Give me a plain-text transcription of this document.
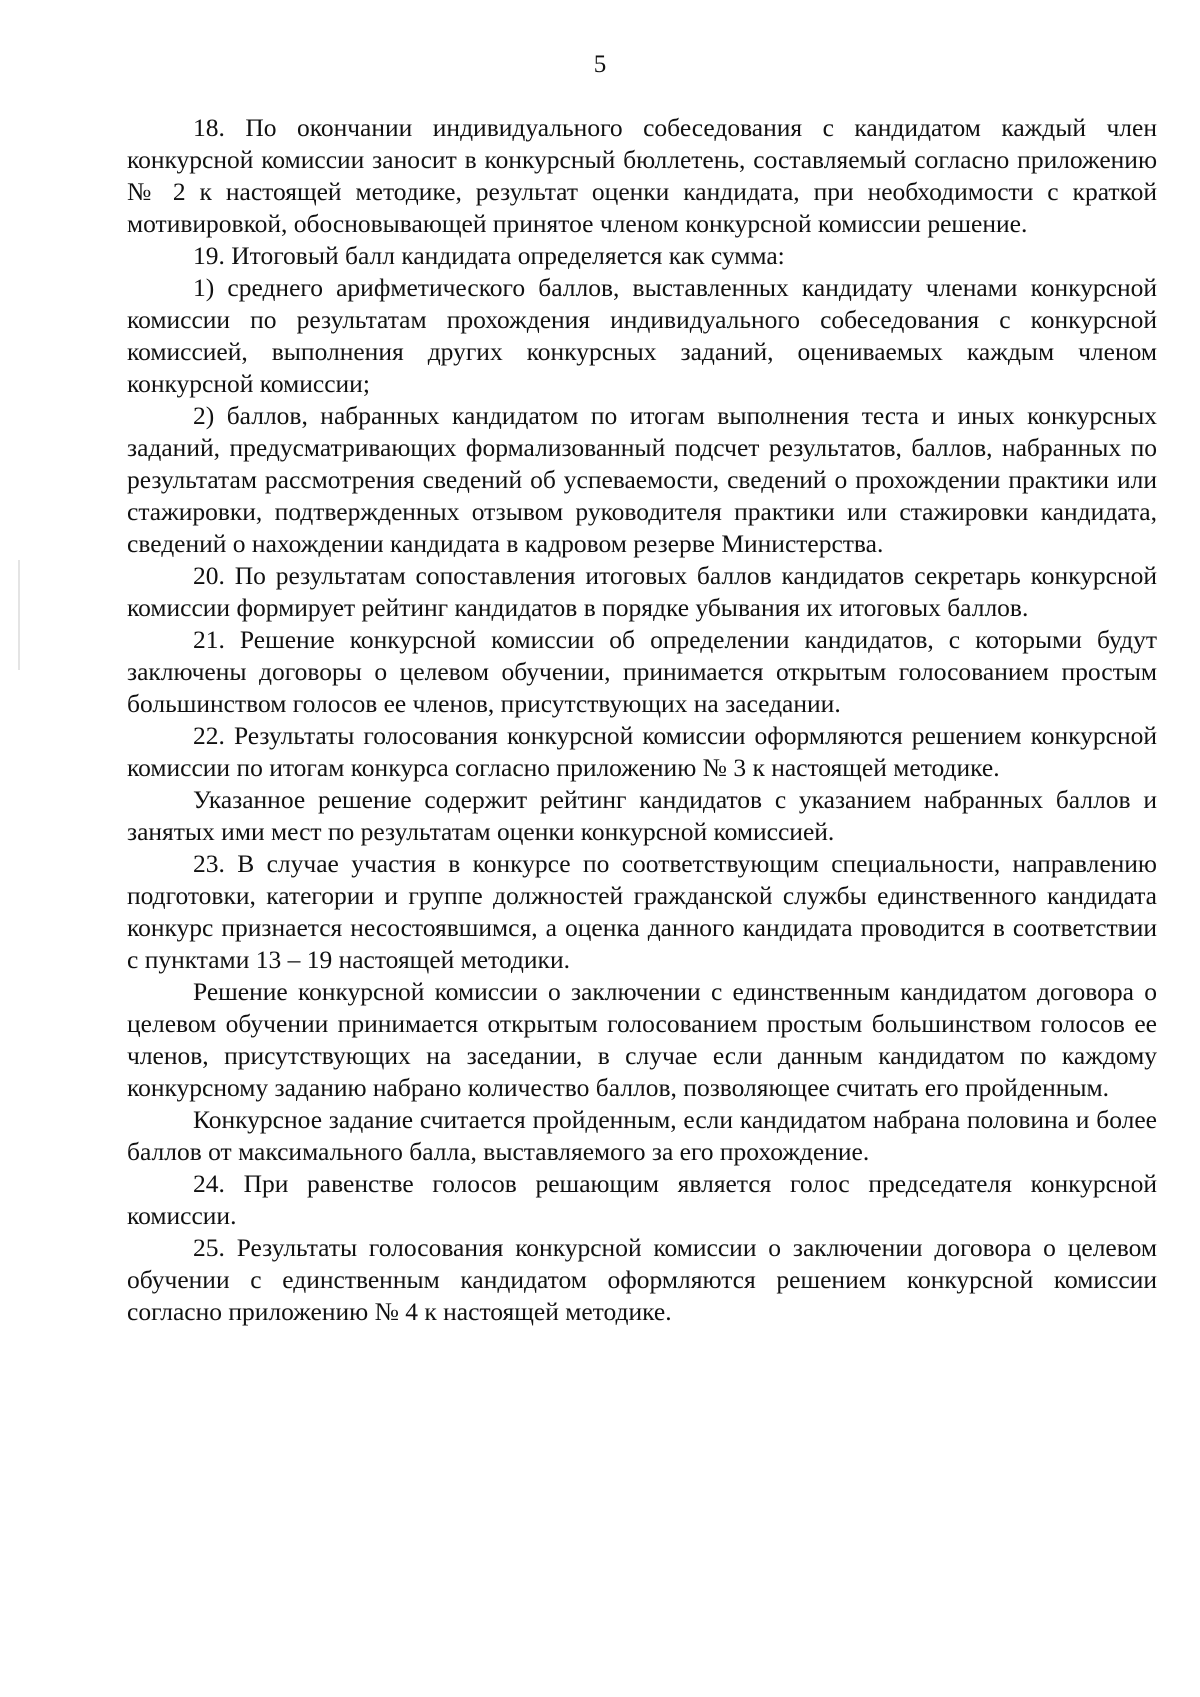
5

18. По окончании индивидуального собеседования с кандидатом каждый член конкурсной комиссии заносит в конкурсный бюллетень, составляемый согласно приложению № 2 к настоящей методике, результат оценки кандидата, при необходимости с краткой мотивировкой, обосновывающей принятое членом конкурсной комиссии решение.

19. Итоговый балл кандидата определяется как сумма:

1) среднего арифметического баллов, выставленных кандидату членами конкурсной комиссии по результатам прохождения индивидуального собеседования с конкурсной комиссией, выполнения других конкурсных заданий, оцениваемых каждым членом конкурсной комиссии;

2) баллов, набранных кандидатом по итогам выполнения теста и иных конкурсных заданий, предусматривающих формализованный подсчет результатов, баллов, набранных по результатам рассмотрения сведений об успеваемости, сведений о прохождении практики или стажировки, подтвержденных отзывом руководителя практики или стажировки кандидата, сведений о нахождении кандидата в кадровом резерве Министерства.

20. По результатам сопоставления итоговых баллов кандидатов секретарь конкурсной комиссии формирует рейтинг кандидатов в порядке убывания их итоговых баллов.

21. Решение конкурсной комиссии об определении кандидатов, с которыми будут заключены договоры о целевом обучении, принимается открытым голосованием простым большинством голосов ее членов, присутствующих на заседании.

22. Результаты голосования конкурсной комиссии оформляются решением конкурсной комиссии по итогам конкурса согласно приложению № 3 к настоящей методике.

Указанное решение содержит рейтинг кандидатов с указанием набранных баллов и занятых ими мест по результатам оценки конкурсной комиссией.

23. В случае участия в конкурсе по соответствующим специальности, направлению подготовки, категории и группе должностей гражданской службы единственного кандидата конкурс признается несостоявшимся, а оценка данного кандидата проводится в соответствии с пунктами 13 – 19 настоящей методики.

Решение конкурсной комиссии о заключении с единственным кандидатом договора о целевом обучении принимается открытым голосованием простым большинством голосов ее членов, присутствующих на заседании, в случае если данным кандидатом по каждому конкурсному заданию набрано количество баллов, позволяющее считать его пройденным.

Конкурсное задание считается пройденным, если кандидатом набрана половина и более баллов от максимального балла, выставляемого за его прохождение.

24. При равенстве голосов решающим является голос председателя конкурсной комиссии.

25. Результаты голосования конкурсной комиссии о заключении договора о целевом обучении с единственным кандидатом оформляются решением конкурсной комиссии согласно приложению № 4 к настоящей методике.
